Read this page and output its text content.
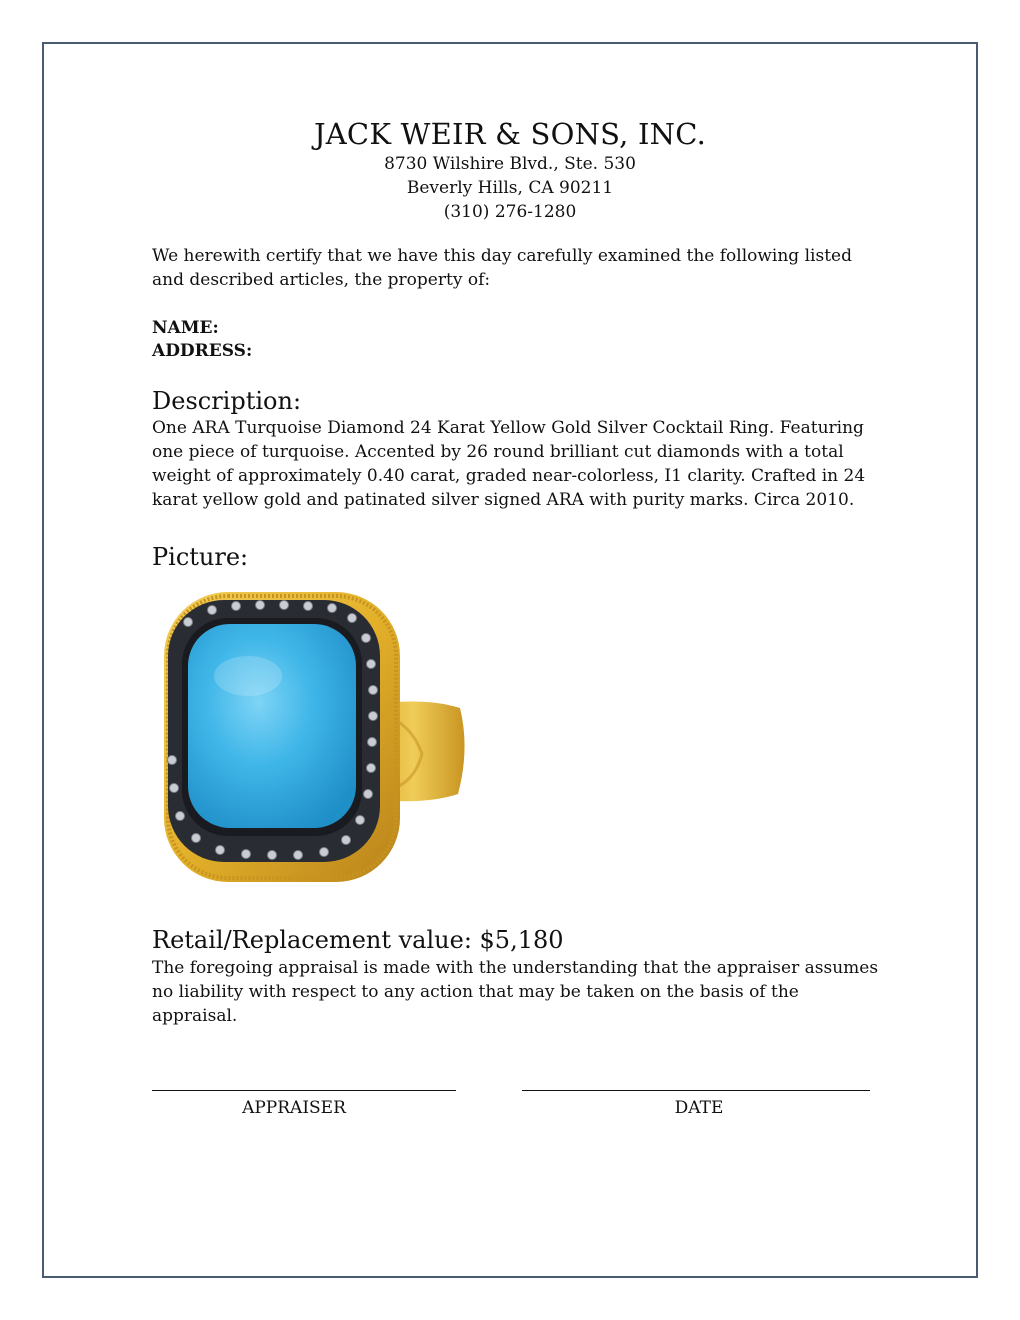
JACK WEIR & SONS, INC.
8730 Wilshire Blvd., Ste. 530
Beverly Hills, CA 90211
(310) 276-1280
We herewith certify that we have this day carefully examined the following listed and described articles, the property of:
NAME:
ADDRESS:
Description:
One ARA Turquoise Diamond 24 Karat Yellow Gold Silver Cocktail Ring. Featuring one piece of turquoise. Accented by 26 round brilliant cut diamonds with a total weight of approximately 0.40 carat, graded near-colorless, I1 clarity. Crafted in 24 karat yellow gold and patinated silver signed ARA with purity marks. Circa 2010.
Picture:
Retail/Replacement value: $5,180
The foregoing appraisal is made with the understanding that the appraiser assumes no liability with respect to any action that may be taken on the basis of the appraisal.
APPRAISER	DATE
